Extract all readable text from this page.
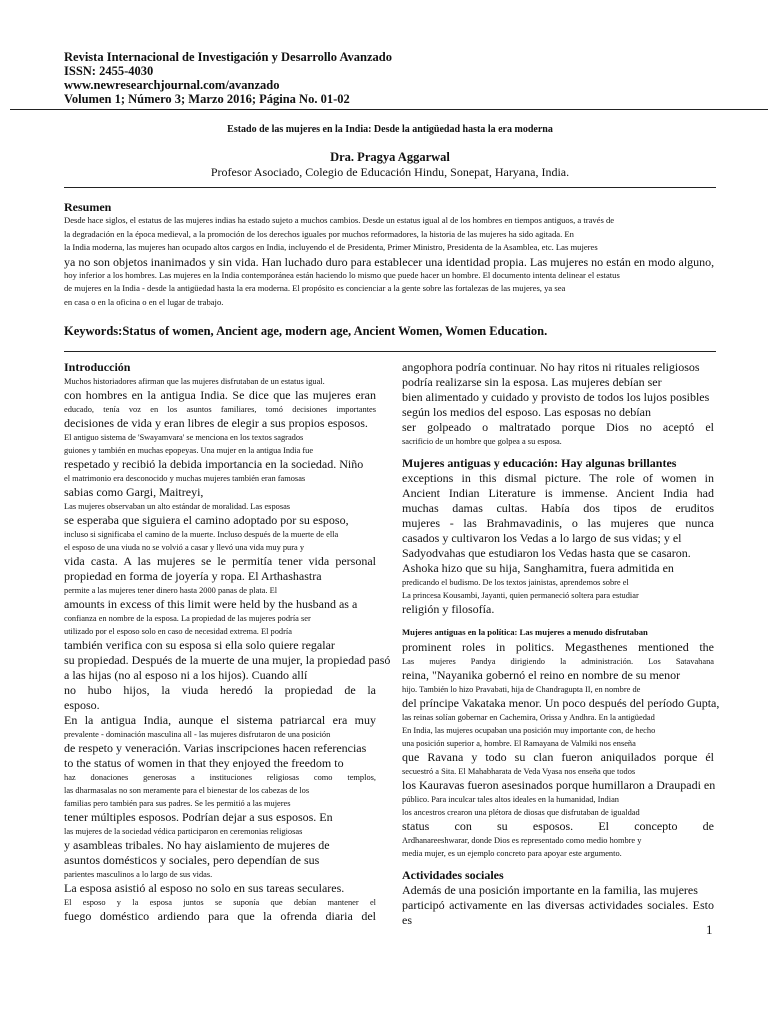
Revista Internacional de Investigación y Desarrollo Avanzado
ISSN: 2455-4030
www.newresearchjournal.com/avanzado
Volumen 1; Número 3; Marzo 2016; Página No. 01-02
Estado de las mujeres en la India: Desde la antigüedad hasta la era moderna
Dra. Pragya Aggarwal
Profesor Asociado, Colegio de Educación Hindu, Sonepat, Haryana, India.
Resumen
Desde hace siglos, el estatus de las mujeres indias ha estado sujeto a muchos cambios. Desde un estatus igual al de los hombres en tiempos antiguos, a través de
la degradación en la época medieval, a la promoción de los derechos iguales por muchos reformadores, la historia de las mujeres ha sido agitada. En
la India moderna, las mujeres han ocupado altos cargos en India, incluyendo el de Presidenta, Primer Ministro, Presidenta de la Asamblea, etc. Las mujeres
ya no son objetos inanimados y sin vida. Han luchado duro para establecer una identidad propia. Las mujeres no están en modo alguno,
hoy inferior a los hombres. Las mujeres en la India contemporánea están haciendo lo mismo que puede hacer un hombre. El documento intenta delinear el estatus
de mujeres en la India - desde la antigüedad hasta la era moderna. El propósito es concienciar a la gente sobre las fortalezas de las mujeres, ya sea
en casa o en la oficina o en el lugar de trabajo.
Keywords:Status of women, Ancient age, modern age, Ancient Women, Women Education.
Introducción
Muchos historiadores afirman que las mujeres disfrutaban de un estatus igual.
con hombres en la antigua India. Se dice que las mujeres eran
educado, tenía voz en los asuntos familiares, tomó decisiones importantes
decisiones de vida y eran libres de elegir a sus propios esposos.
El antiguo sistema de 'Swayamvara' se menciona en los textos sagrados
guiones y también en muchas epopeyas. Una mujer en la antigua India fue
respetado y recibió la debida importancia en la sociedad. Niño
el matrimonio era desconocido y muchas mujeres también eran famosas
sabias como Gargi, Maitreyi,
Las mujeres observaban un alto estándar de moralidad. Las esposas
se esperaba que siguiera el camino adoptado por su esposo,
incluso si significaba el camino de la muerte. Incluso después de la muerte de ella
el esposo de una viuda no se volvió a casar y llevó una vida muy pura y
vida casta. A las mujeres se le permitía tener vida personal
propiedad en forma de joyería y ropa. El Arthashastra
permite a las mujeres tener dinero hasta 2000 panas de plata. El
amounts in excess of this limit were held by the husband as a
confianza en nombre de la esposa. La propiedad de las mujeres podría ser
utilizado por el esposo solo en caso de necesidad extrema. El podría
también verifica con su esposa si ella solo quiere regalar
su propiedad. Después de la muerte de una mujer, la propiedad pasó
a las hijas (no al esposo ni a los hijos). Cuando allí
no hubo hijos, la viuda heredó la propiedad de la
esposo.
En la antigua India, aunque el sistema patriarcal era muy
prevalente - dominación masculina all - las mujeres disfrutaron de una posición
de respeto y veneración. Varias inscripciones hacen referencias
to the status of women in that they enjoyed the freedom to
haz donaciones generosas a instituciones religiosas como templos,
las dharmasalas no son meramente para el bienestar de los cabezas de los
familias pero también para sus padres. Se les permitió a las mujeres
tener múltiples esposos. Podrían dejar a sus esposos. En
las mujeres de la sociedad védica participaron en ceremonias religiosas
y asambleas tribales. No hay aislamiento de mujeres de
asuntos domésticos y sociales, pero dependían de sus
parientes masculinos a lo largo de sus vidas.
La esposa asistió al esposo no solo en sus tareas seculares.
El esposo y la esposa juntos se suponía que debían mantener el
fuego doméstico ardiendo para que la ofrenda diaria del
angophora podría continuar. No hay ritos ni rituales religiosos
podría realizarse sin la esposa. Las mujeres debían ser
bien alimentado y cuidado y provisto de todos los lujos posibles
según los medios del esposo. Las esposas no debían
ser golpeado o maltratado porque Dios no aceptó el
sacrificio de un hombre que golpea a su esposa.
Mujeres antiguas y educación: Hay algunas brillantes
exceptions in this dismal picture. The role of women in
Ancient Indian Literature is immense. Ancient India had
muchas damas cultas. Había dos tipos de eruditos
mujeres - las Brahmavadinis, o las mujeres que nunca
casados y cultivaron los Vedas a lo largo de sus vidas; y el
Sadyodvahas que estudiaron los Vedas hasta que se casaron.
Ashoka hizo que su hija, Sanghamitra, fuera admitida en
predicando el budismo. De los textos jainistas, aprendemos sobre el
La princesa Kousambi, Jayanti, quien permaneció soltera para estudiar
religión y filosofía.
Mujeres antiguas en la política: Las mujeres a menudo disfrutaban
prominent roles in politics. Megasthenes mentioned the
Las mujeres Pandya dirigiendo la administración. Los Satavahana
reina, "Nayanika gobernó el reino en nombre de su menor
hijo. También lo hizo Pravabati, hija de Chandragupta II, en nombre de
del príncipe Vakataka menor. Un poco después del período Gupta,
las reinas solían gobernar en Cachemira, Orissa y Andhra. En la antigüedad
En India, las mujeres ocupaban una posición muy importante con, de hecho
una posición superior a, hombre. El Ramayana de Valmiki nos enseña
que Ravana y todo su clan fueron aniquilados porque él
secuestró a Sita. El Mahabharata de Veda Vyasa nos enseña que todos
los Kauravas fueron asesinados porque humillaron a Draupadi en
público. Para inculcar tales altos ideales en la humanidad, Indian
los ancestros crearon una plétora de diosas que disfrutaban de igualdad
status con su esposos. El concepto de
Ardhanareeshwarar, donde Dios es representado como medio hombre y
media mujer, es un ejemplo concreto para apoyar este argumento.
Actividades sociales
Además de una posición importante en la familia, las mujeres
participó activamente en las diversas actividades sociales. Esto es
1
